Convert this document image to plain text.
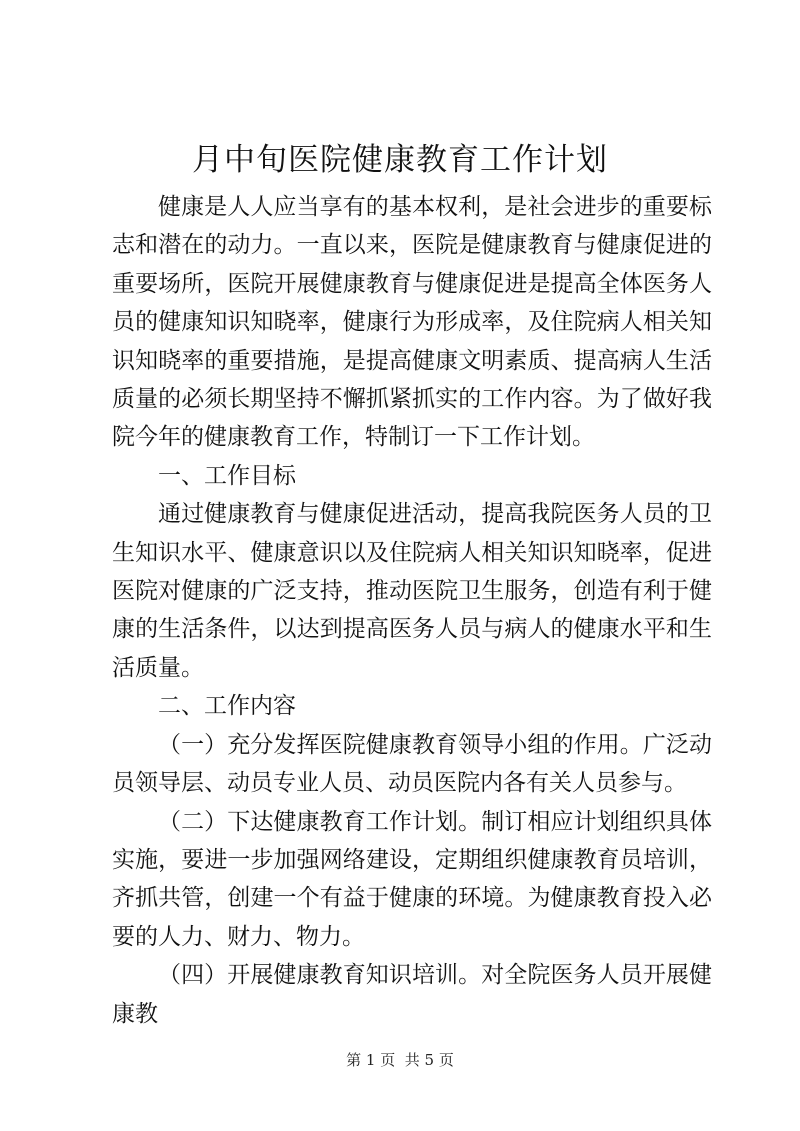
月中旬医院健康教育工作计划

健康是人人应当享有的基本权利，是社会进步的重要标志和潜在的动力。一直以来，医院是健康教育与健康促进的重要场所，医院开展健康教育与健康促进是提高全体医务人员的健康知识知晓率，健康行为形成率，及住院病人相关知识知晓率的重要措施，是提高健康文明素质、提高病人生活质量的必须长期坚持不懈抓紧抓实的工作内容。为了做好我院今年的健康教育工作，特制订一下工作计划。

一、工作目标

通过健康教育与健康促进活动，提高我院医务人员的卫生知识水平、健康意识以及住院病人相关知识知晓率，促进医院对健康的广泛支持，推动医院卫生服务，创造有利于健康的生活条件，以达到提高医务人员与病人的健康水平和生活质量。

二、工作内容

（一）充分发挥医院健康教育领导小组的作用。广泛动员领导层、动员专业人员、动员医院内各有关人员参与。

（二）下达健康教育工作计划。制订相应计划组织具体实施，要进一步加强网络建设，定期组织健康教育员培训，齐抓共管，创建一个有益于健康的环境。为健康教育投入必要的人力、财力、物力。

（四）开展健康教育知识培训。对全院医务人员开展健康教

第 1 页  共 5 页
